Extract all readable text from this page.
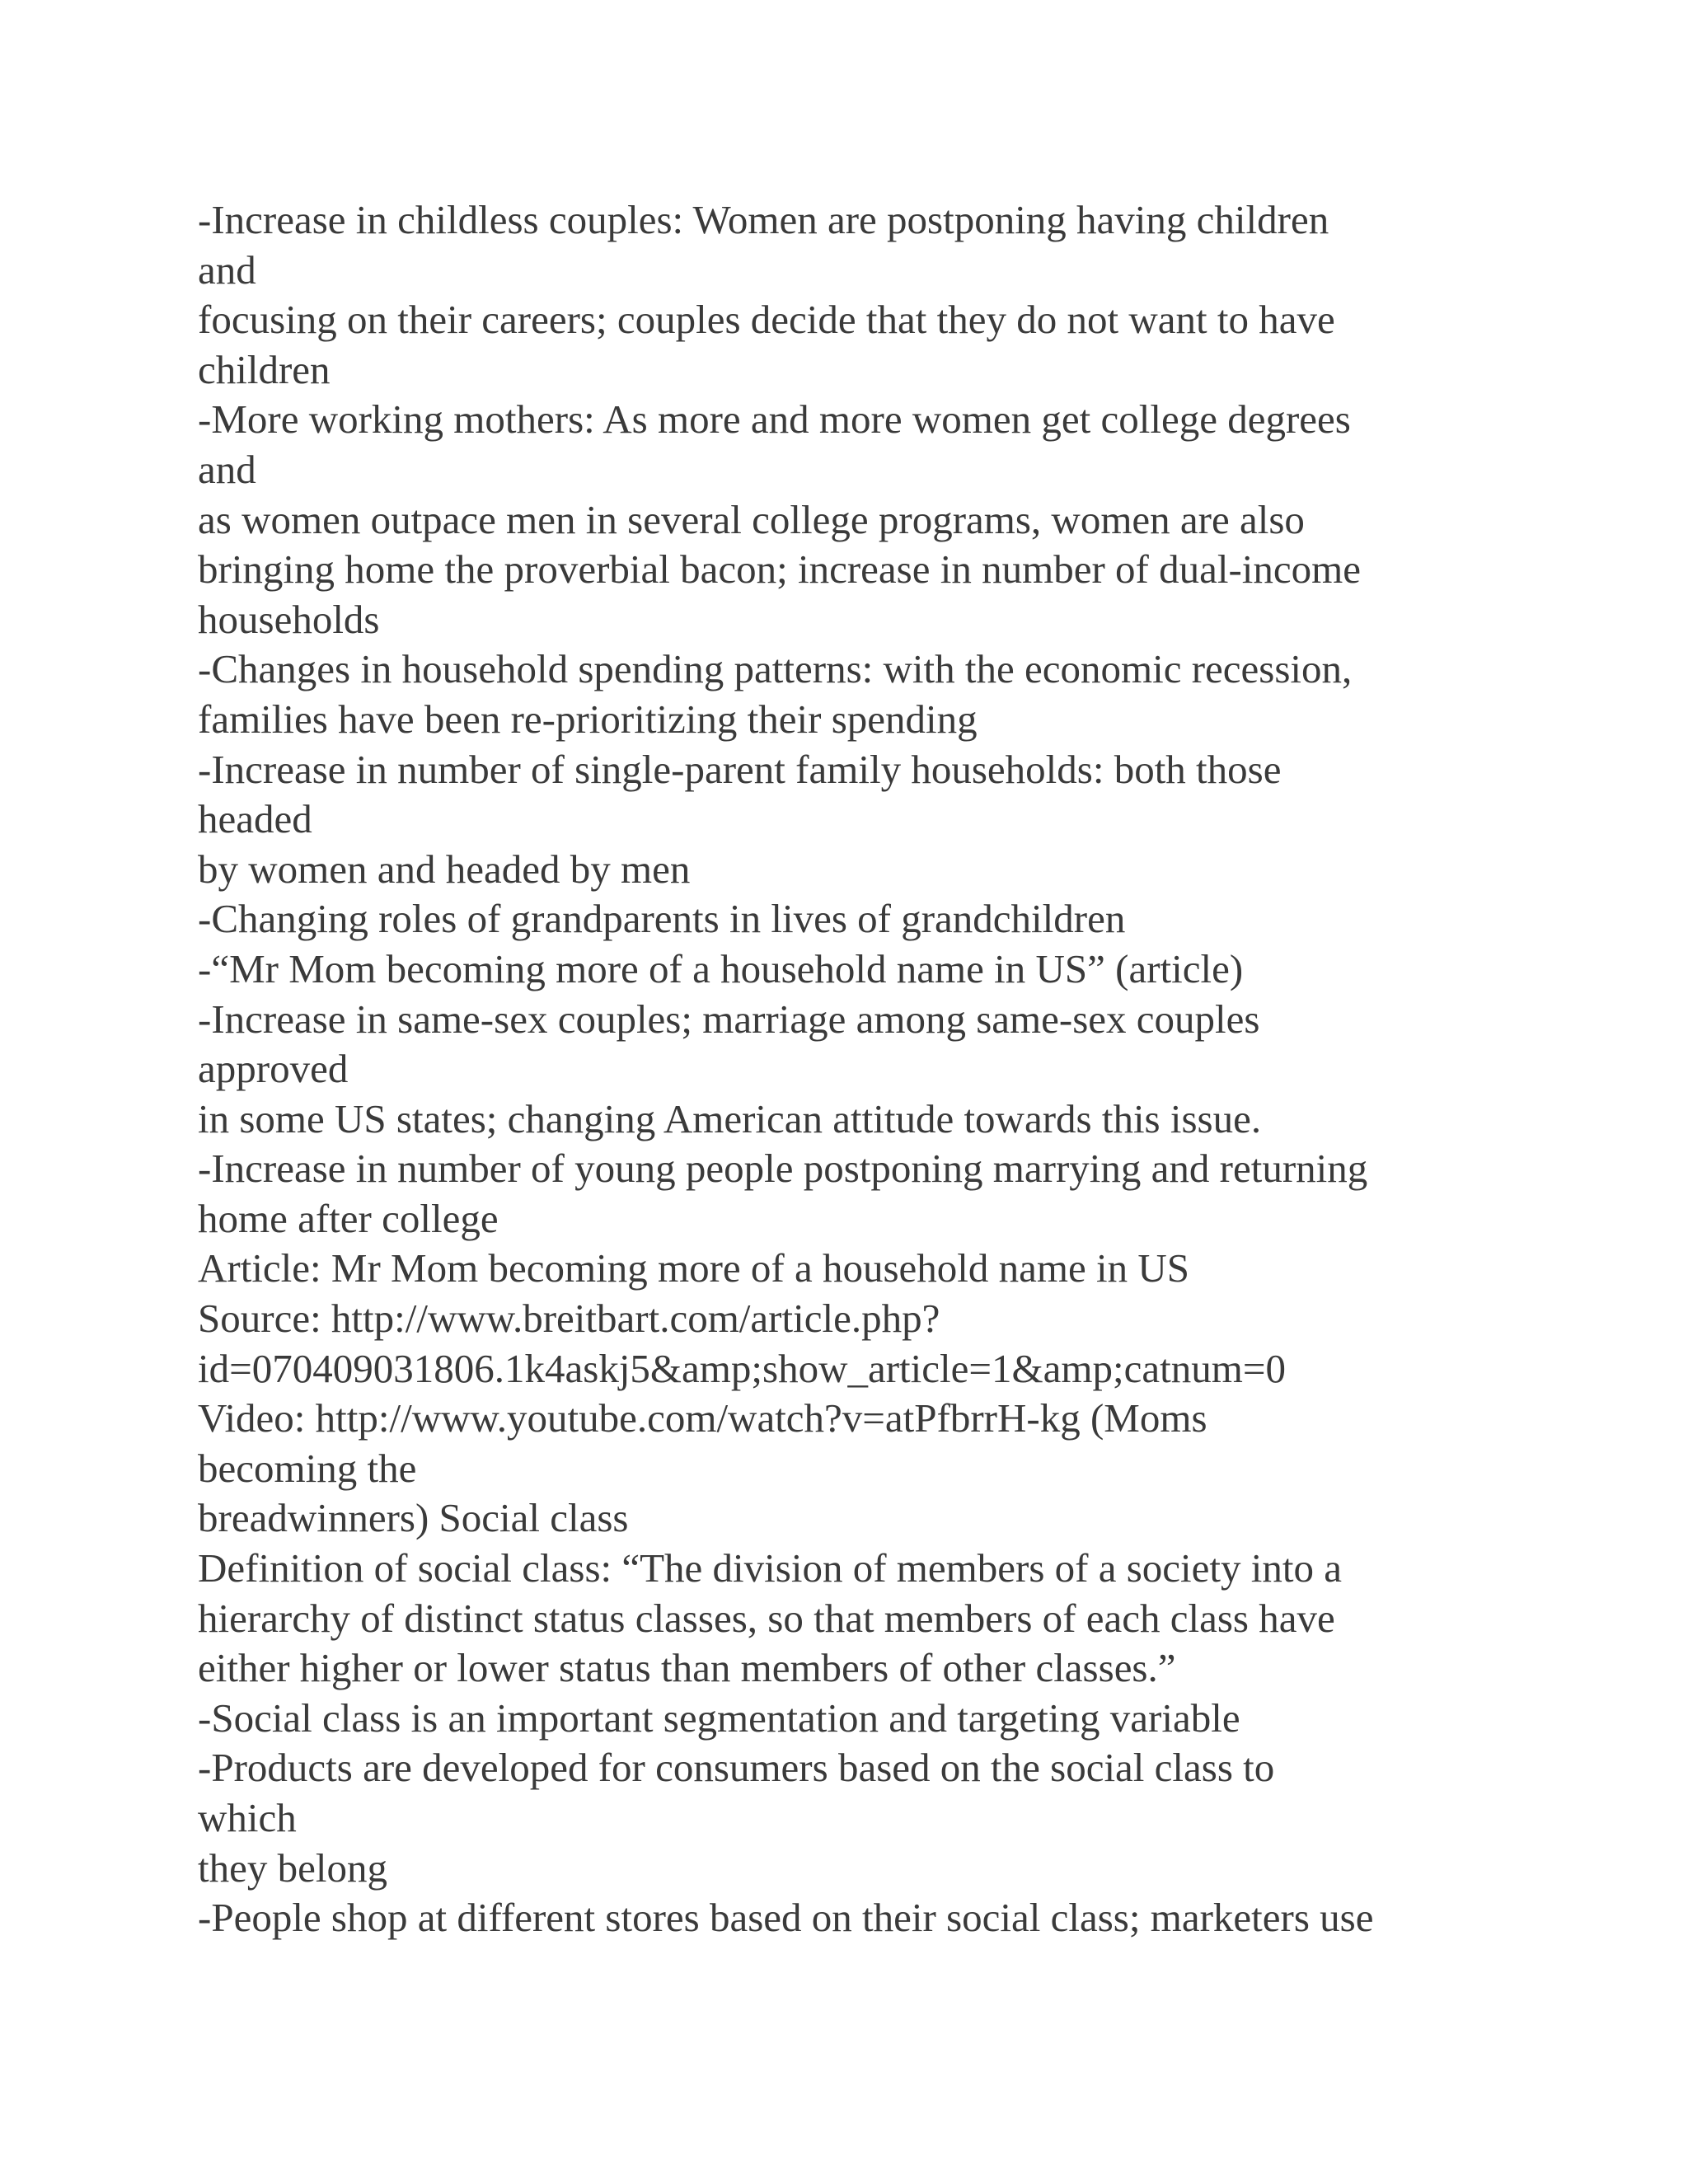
-Increase in childless couples: Women are postponing having children
and
focusing on their careers; couples decide that they do not want to have
children
-More working mothers: As more and more women get college degrees
and
as women outpace men in several college programs, women are also
bringing home the proverbial bacon; increase in number of dual-income
households
-Changes in household spending patterns: with the economic recession,
families have been re-prioritizing their spending
-Increase in number of single-parent family households: both those
headed
by women and headed by men
-Changing roles of grandparents in lives of grandchildren
-“Mr Mom becoming more of a household name in US” (article)
-Increase in same-sex couples; marriage among same-sex couples
approved
in some US states; changing American attitude towards this issue.
-Increase in number of young people postponing marrying and returning
home after college
Article: Mr Mom becoming more of a household name in US
Source: http://www.breitbart.com/article.php?
id=070409031806.1k4askj5&amp;show_article=1&amp;catnum=0
Video: http://www.youtube.com/watch?v=atPfbrrH-kg (Moms
becoming the
breadwinners) Social class
Definition of social class: “The division of members of a society into a
hierarchy of distinct status classes, so that members of each class have
either higher or lower status than members of other classes.”
-Social class is an important segmentation and targeting variable
-Products are developed for consumers based on the social class to
which
they belong
-People shop at different stores based on their social class; marketers use
